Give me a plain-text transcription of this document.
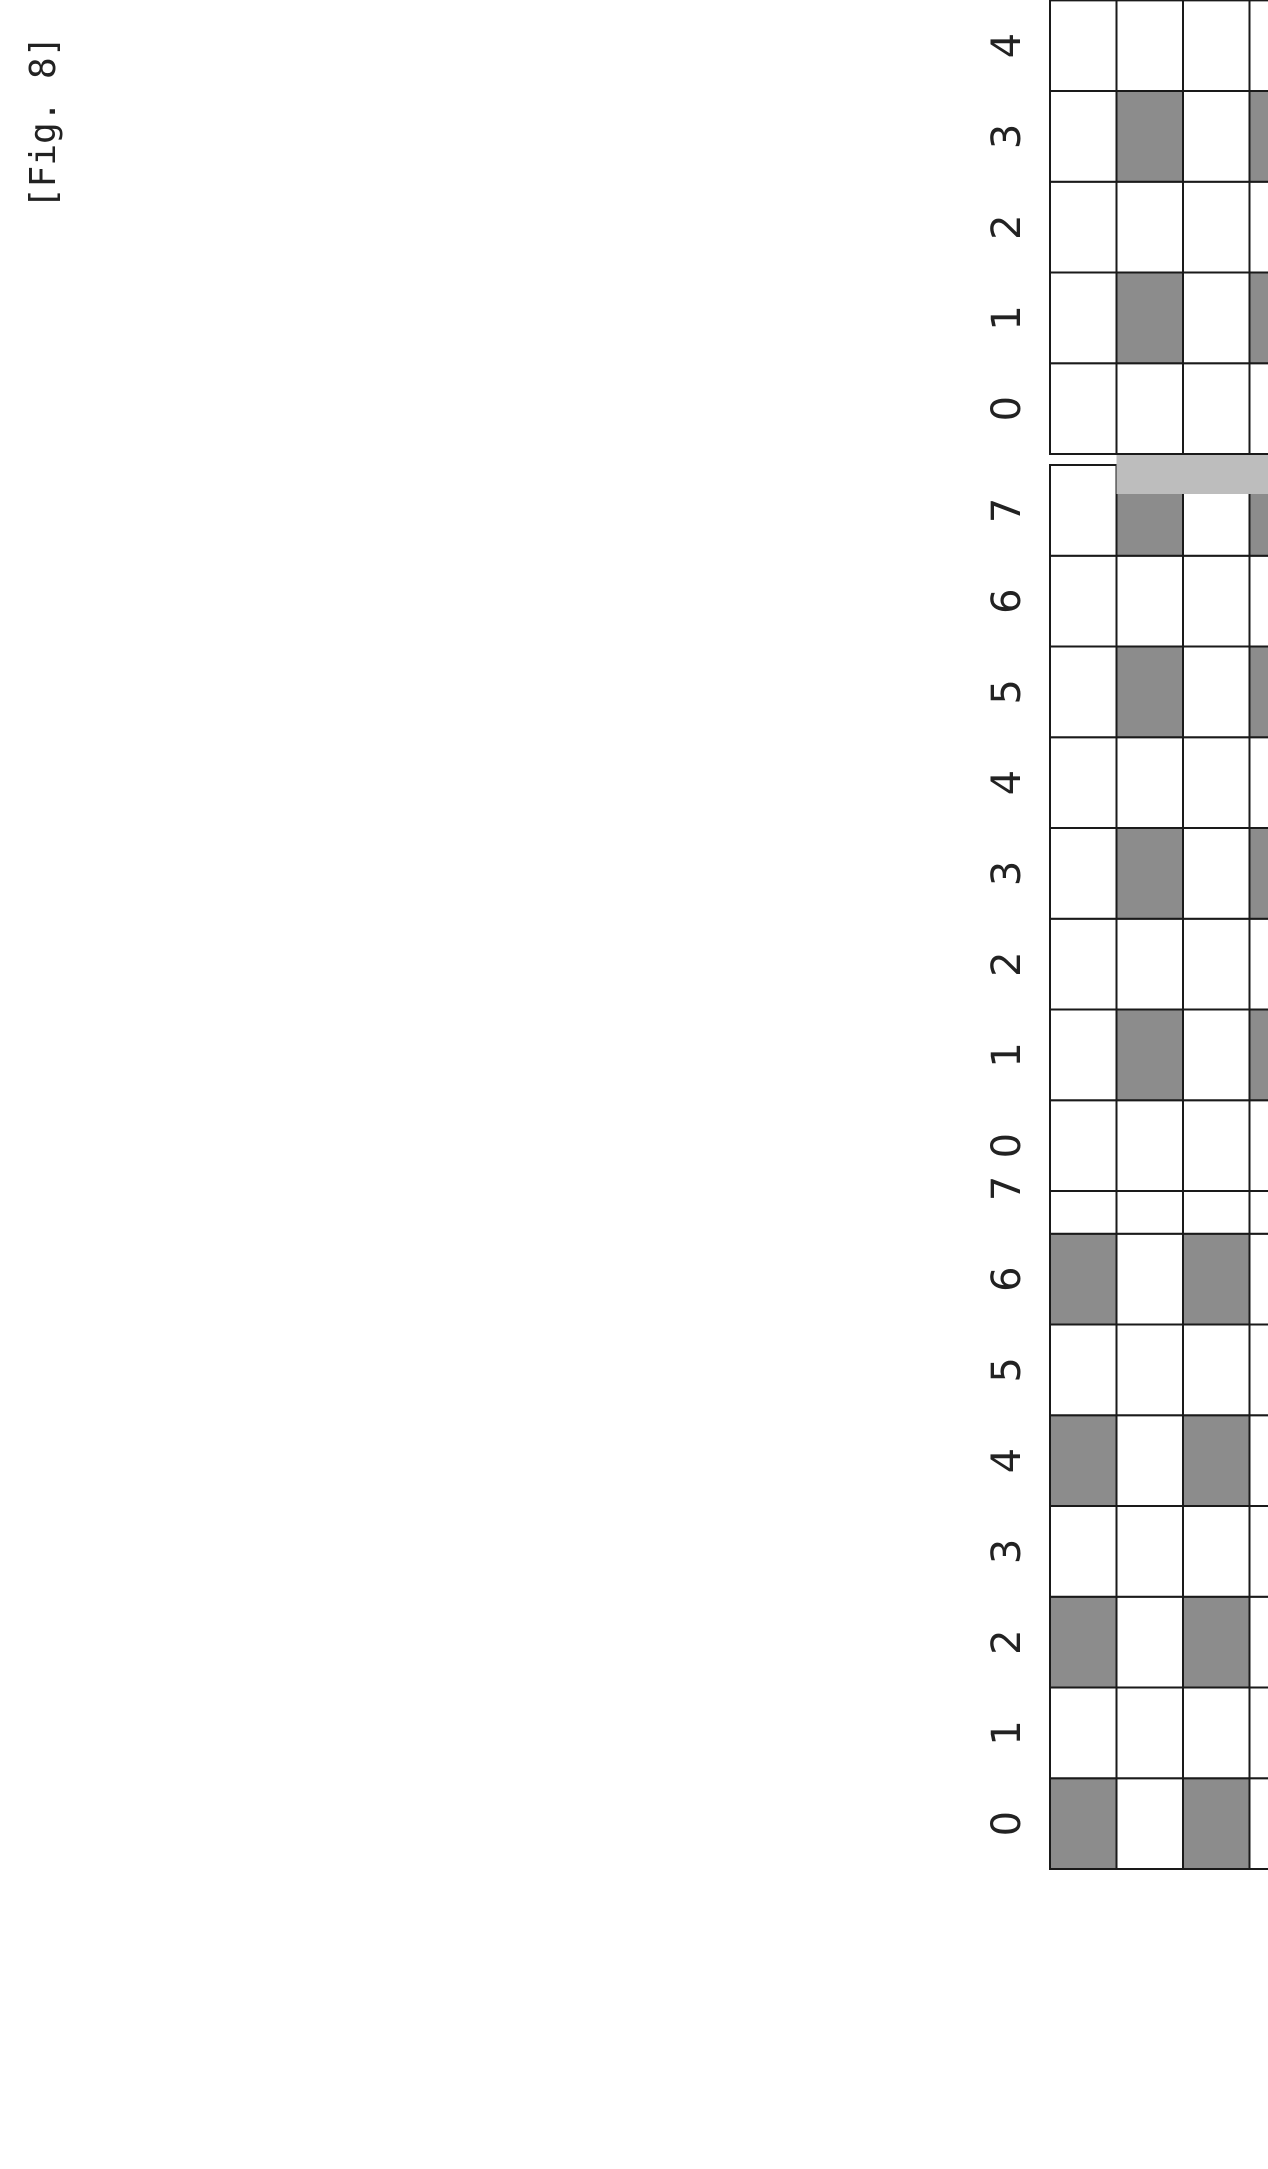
[Fig. 8]
0
1
2
3
4
5
6
7
0
1
2
3
4
5
6
7
0
1
2
3
4
